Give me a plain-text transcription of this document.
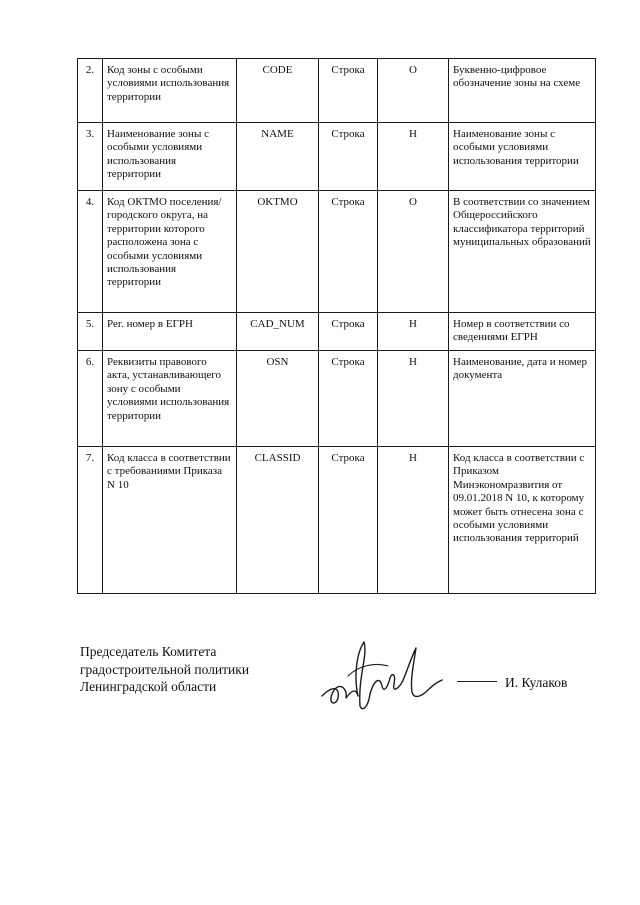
2.	Код зоны с особыми условиями использования территории	CODE	Строка	О	Буквенно-цифровое обозначение зоны на схеме
3.	Наименование зоны с особыми условиями использования территории	NAME	Строка	Н	Наименование зоны с особыми условиями использования территории
4.	Код ОКТМО поселения/городского округа, на территории которого расположена зона с особыми условиями использования территории	OKTMO	Строка	О	В соответствии со значением Общероссийского классификатора территорий муниципальных образований
5.	Рег. номер в ЕГРН	CAD_NUM	Строка	Н	Номер в соответствии со сведениями ЕГРН
6.	Реквизиты правового акта, устанавливающего зону с особыми условиями использования территории	OSN	Строка	Н	Наименование, дата и номер документа
7.	Код класса в соответствии с требованиями Приказа N 10	CLASSID	Строка	Н	Код класса в соответствии с Приказом Минэкономразвития от 09.01.2018 N 10, к которому может быть отнесена зона с особыми условиями использования территорий
Председатель Комитета
градостроительной политики
Ленинградской области	И. Кулаков
